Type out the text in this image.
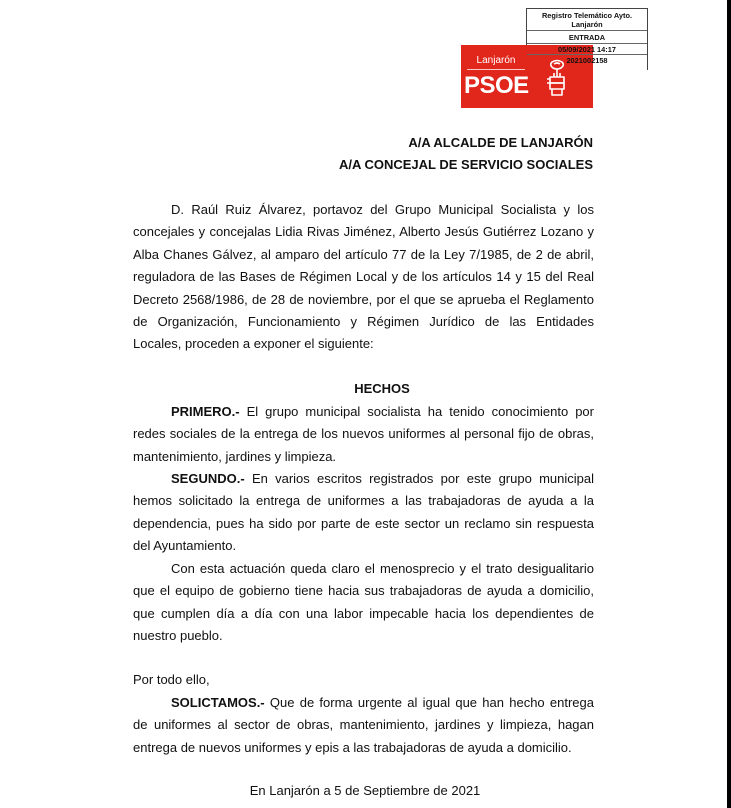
Registro Telemático Ayto. Lanjarón
ENTRADA
05/09/2021 14:17
2021002158
Lanjarón
PSOE
A/A ALCALDE DE LANJARÓN
A/A CONCEJAL DE SERVICIO SOCIALES
D. Raúl Ruiz Álvarez, portavoz del Grupo Municipal Socialista y los concejales y concejalas Lidia Rivas Jiménez, Alberto Jesús Gutiérrez Lozano y Alba Chanes Gálvez, al amparo del artículo 77 de la Ley 7/1985, de 2 de abril, reguladora de las Bases de Régimen Local y de los artículos 14 y 15 del Real Decreto 2568/1986, de 28 de noviembre, por el que se aprueba el Reglamento de Organización, Funcionamiento y Régimen Jurídico de las Entidades Locales, proceden a exponer el siguiente:
HECHOS
PRIMERO.- El grupo municipal socialista ha tenido conocimiento por redes sociales de la entrega de los nuevos uniformes al personal fijo de obras, mantenimiento, jardines y limpieza.
SEGUNDO.- En varios escritos registrados por este grupo municipal hemos solicitado la entrega de uniformes a las trabajadoras de ayuda a la dependencia, pues ha sido por parte de este sector un reclamo sin respuesta del Ayuntamiento.
Con esta actuación queda claro el menosprecio y el trato desigualitario que el equipo de gobierno tiene hacia sus trabajadoras de ayuda a domicilio, que cumplen día a día con una labor impecable hacia los dependientes de nuestro pueblo.
Por todo ello,
SOLICTAMOS.- Que de forma urgente al igual que han hecho entrega de uniformes al sector de obras, mantenimiento, jardines y limpieza, hagan entrega de nuevos uniformes y epis a las trabajadoras de ayuda a domicilio.
En Lanjarón a 5 de Septiembre de 2021
